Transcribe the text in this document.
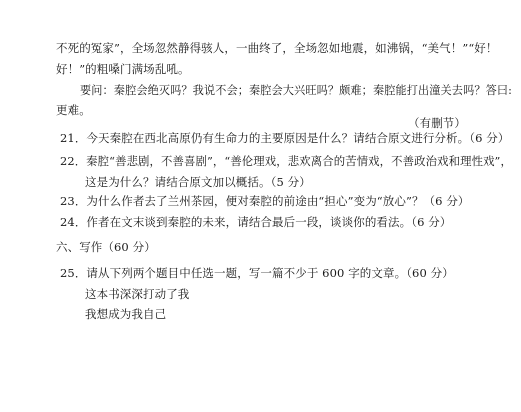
不死的冤家”，全场忽然静得骇人，一曲终了，全场忽如地震，如沸锅，“美气！”“好！
好！”的粗嗓门满场乱吼。
要问：秦腔会绝灭吗？我说不会；秦腔会大兴旺吗？颇难；秦腔能打出潼关去吗？答曰:
更难。
（有删节）
21．今天秦腔在西北高原仍有生命力的主要原因是什么？请结合原文进行分析。（6 分）
22．秦腔“善悲剧，不善喜剧”，“善伦理戏，悲欢离合的苦情戏，不善政治戏和理性戏”，
这是为什么？请结合原文加以概括。（5 分）
23．为什么作者去了兰州茶园，便对秦腔的前途由“担心”变为“放心”？（6 分）
24．作者在文末谈到秦腔的未来，请结合最后一段，谈谈你的看法。（6 分）
六、写作（60 分）
25．请从下列两个题目中任选一题，写一篇不少于 600 字的文章。（60 分）
这本书深深打动了我
我想成为我自己
